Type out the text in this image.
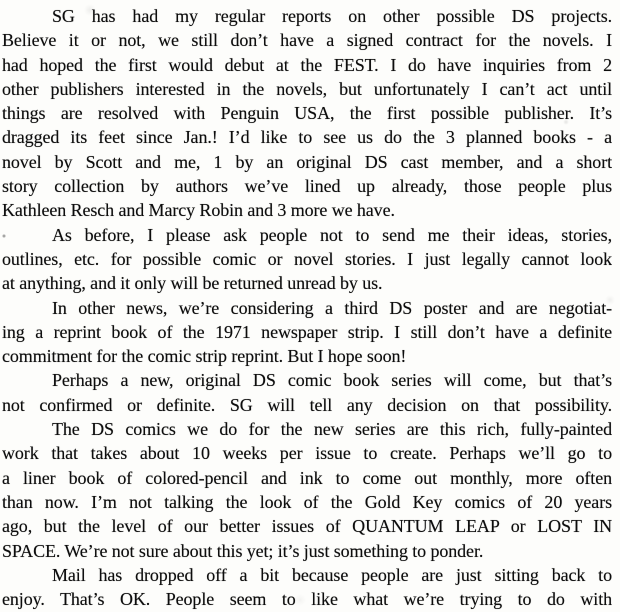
SG has had my regular reports on other possible DS projects.
Believe it or not, we still don’t have a signed contract for the novels. I
had hoped the first would debut at the FEST. I do have inquiries from 2
other publishers interested in the novels, but unfortunately I can’t act until
things are resolved with Penguin USA, the first possible publisher. It’s
dragged its feet since Jan.! I’d like to see us do the 3 planned books - a
novel by Scott and me, 1 by an original DS cast member, and a short
story collection by authors we’ve lined up already, those people plus
Kathleen Resch and Marcy Robin and 3 more we have.
As before, I please ask people not to send me their ideas, stories,
outlines, etc. for possible comic or novel stories. I just legally cannot look
at anything, and it only will be returned unread by us.
In other news, we’re considering a third DS poster and are negotiat-
ing a reprint book of the 1971 newspaper strip. I still don’t have a definite
commitment for the comic strip reprint. But I hope soon!
Perhaps a new, original DS comic book series will come, but that’s
not confirmed or definite. SG will tell any decision on that possibility.
The DS comics we do for the new series are this rich, fully-painted
work that takes about 10 weeks per issue to create. Perhaps we’ll go to
a liner book of colored-pencil and ink to come out monthly, more often
than now. I’m not talking the look of the Gold Key comics of 20 years
ago, but the level of our better issues of QUANTUM LEAP or LOST IN
SPACE. We’re not sure about this yet; it’s just something to ponder.
Mail has dropped off a bit because people are just sitting back to
enjoy. That’s OK. People seem to like what we’re trying to do with
